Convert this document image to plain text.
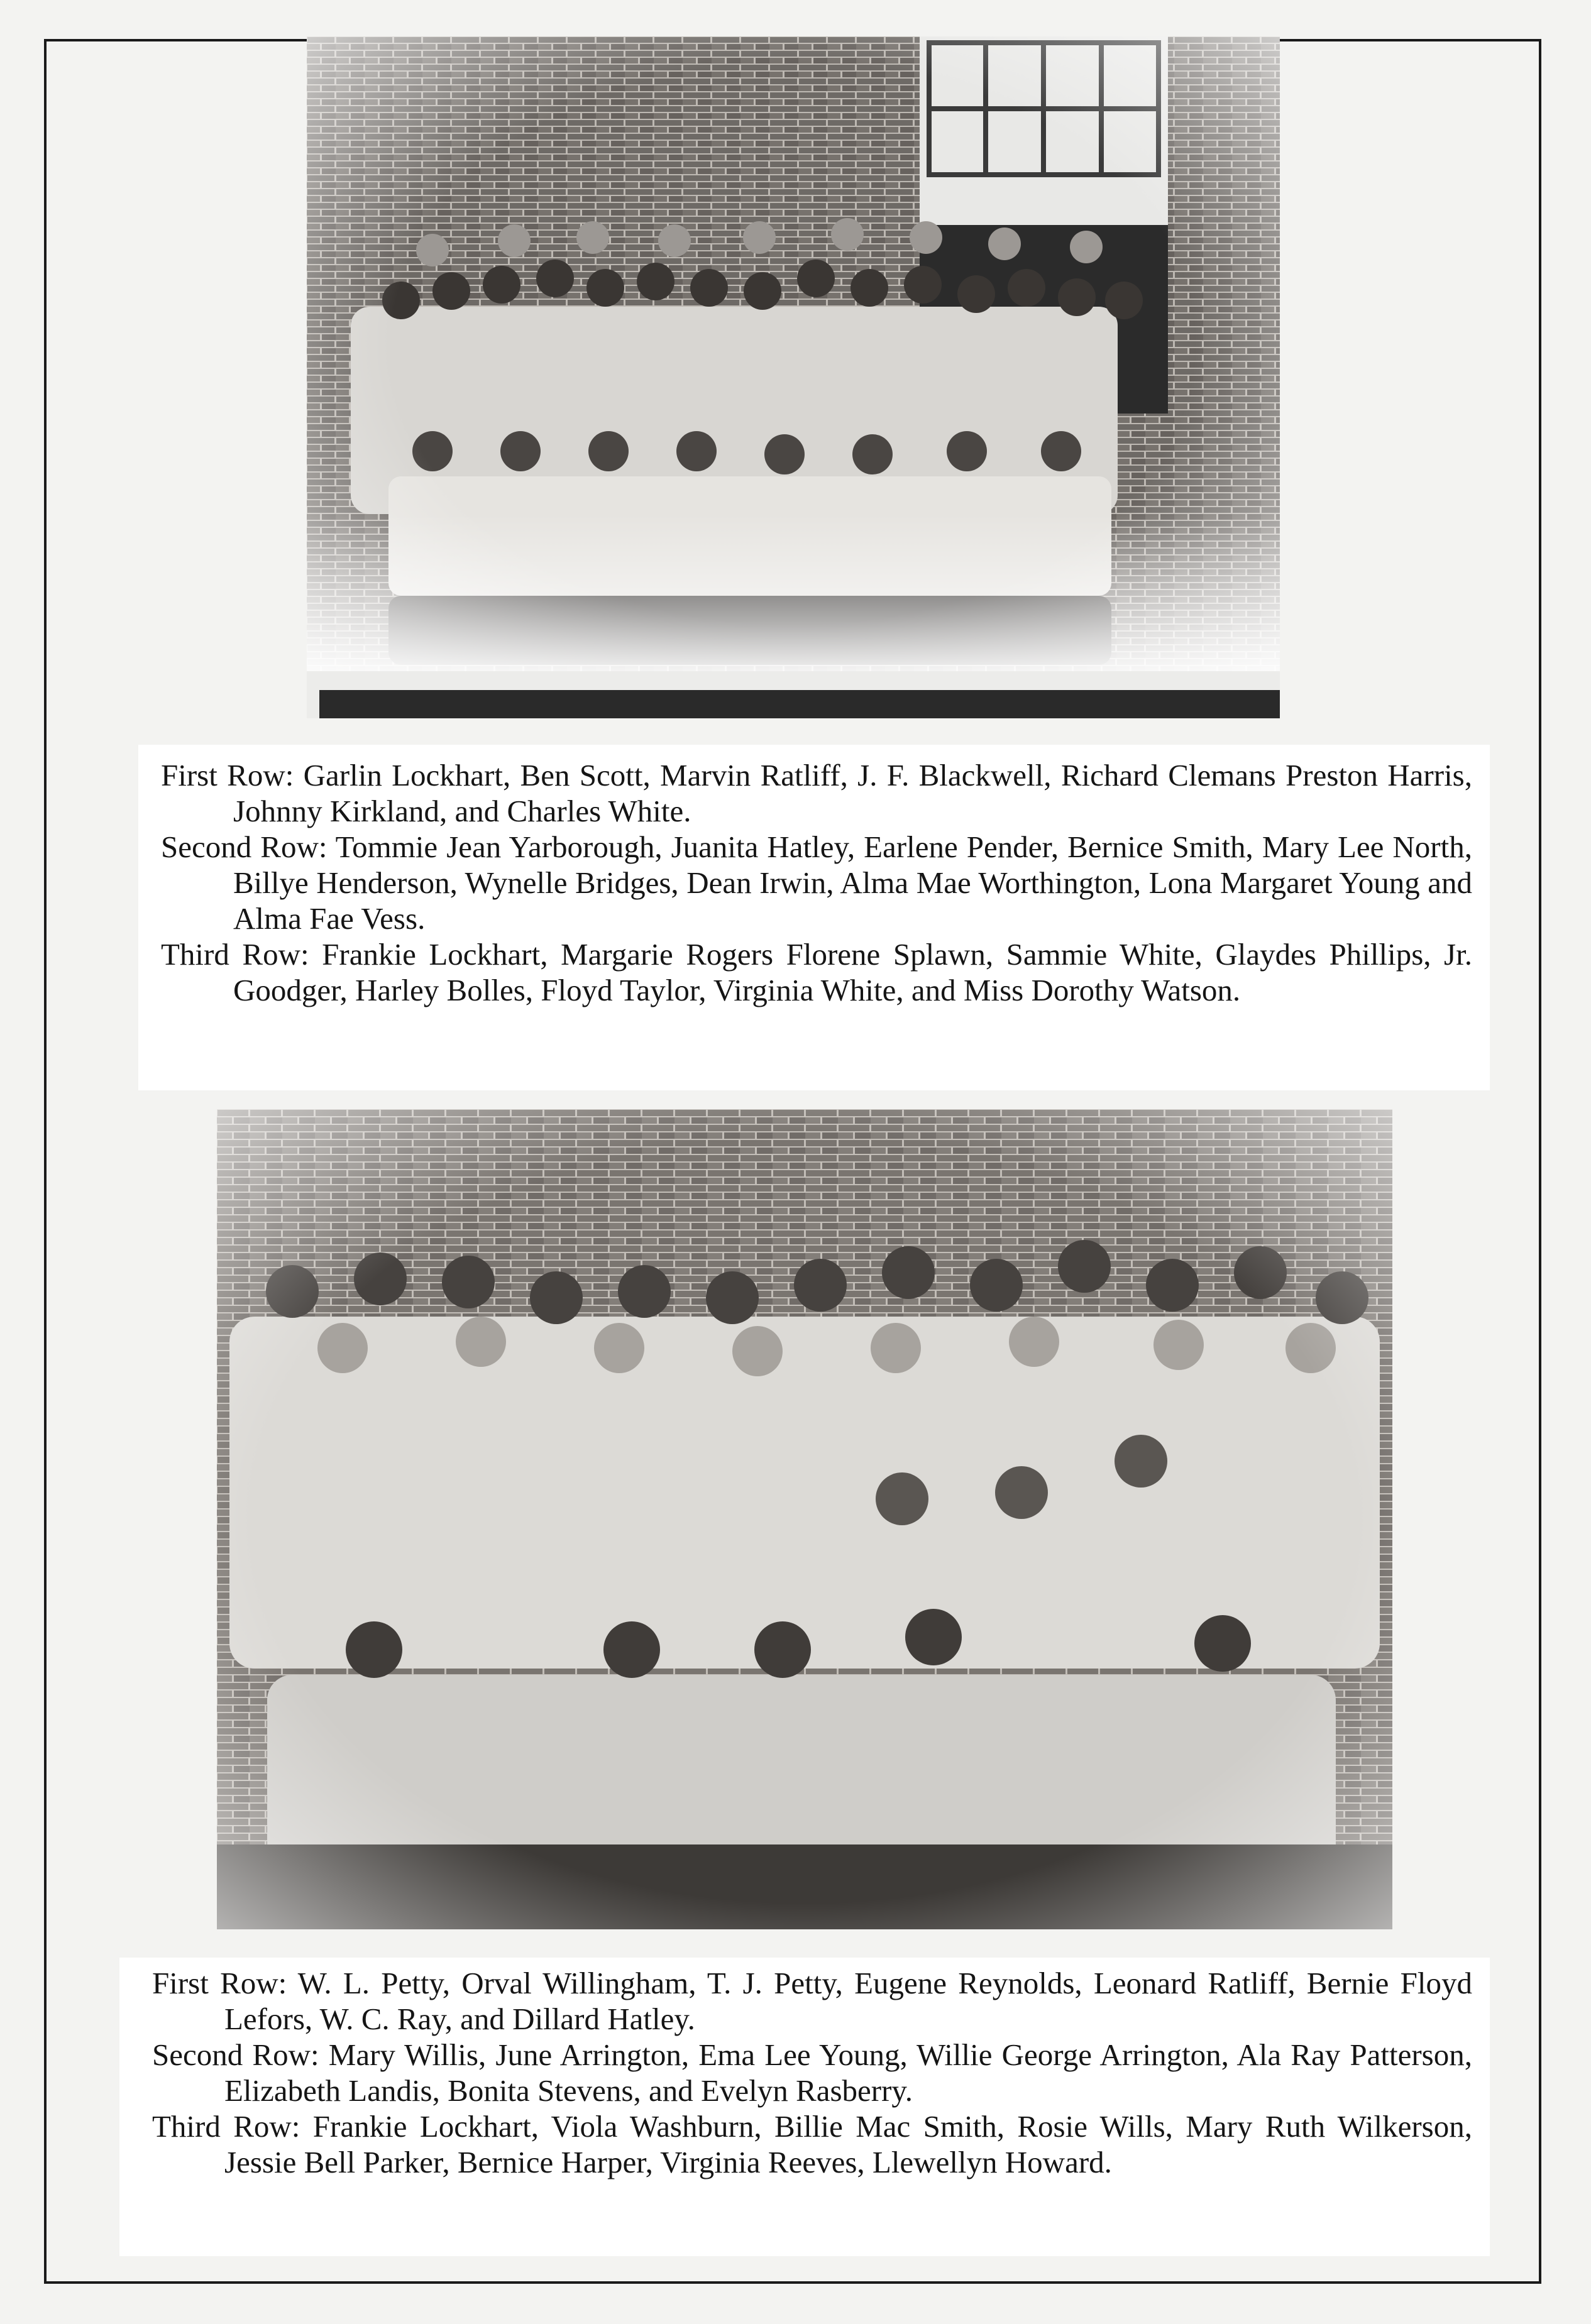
First Row: Garlin Lockhart, Ben Scott, Marvin Ratliff, J. F. Blackwell, Richard Clemans Preston Harris, Johnny Kirkland, and Charles White.

Second Row: Tommie Jean Yarborough, Juanita Hatley, Earlene Pender, Bernice Smith, Mary Lee North, Billye Henderson, Wynelle Bridges, Dean Irwin, Alma Mae Worthington, Lona Margaret Young and Alma Fae Vess.

Third Row: Frankie Lockhart, Margarie Rogers Florene Splawn, Sammie White, Glaydes Phillips, Jr. Goodger, Harley Bolles, Floyd Taylor, Virginia White, and Miss Dorothy Watson.

First Row: W. L. Petty, Orval Willingham, T. J. Petty, Eugene Reynolds, Leonard Ratliff, Bernie Floyd Lefors, W. C. Ray, and Dillard Hatley.

Second Row: Mary Willis, June Arrington, Ema Lee Young, Willie George Arrington, Ala Ray Patterson, Elizabeth Landis, Bonita Stevens, and Evelyn Rasberry.

Third Row: Frankie Lockhart, Viola Washburn, Billie Mac Smith, Rosie Wills, Mary Ruth Wilkerson, Jessie Bell Parker, Bernice Harper, Virginia Reeves, Llewellyn Howard.
